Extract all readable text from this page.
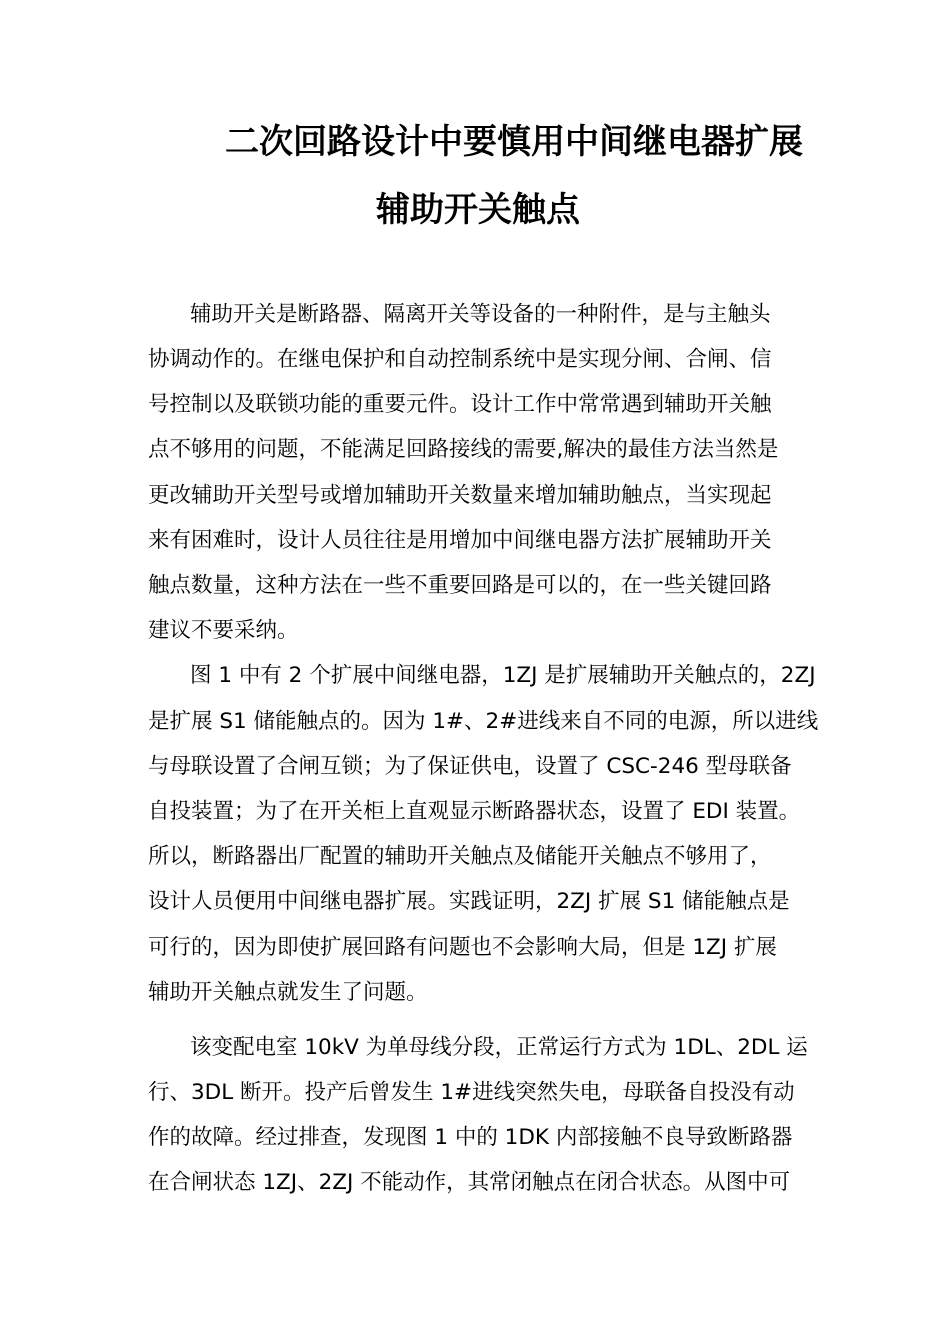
二次回路设计中要慎用中间继电器扩展
辅助开关触点

辅助开关是断路器、隔离开关等设备的一种附件，是与主触头

协调动作的。在继电保护和自动控制系统中是实现分闸、合闸、信

号控制以及联锁功能的重要元件。设计工作中常常遇到辅助开关触

点不够用的问题，不能满足回路接线的需要,解决的最佳方法当然是

更改辅助开关型号或增加辅助开关数量来增加辅助触点，当实现起

来有困难时，设计人员往往是用增加中间继电器方法扩展辅助开关

触点数量，这种方法在一些不重要回路是可以的，在一些关键回路

建议不要采纳。

图 1 中有 2 个扩展中间继电器，1ZJ 是扩展辅助开关触点的，2ZJ

是扩展 S1 储能触点的。因为 1#、2#进线来自不同的电源，所以进线

与母联设置了合闸互锁；为了保证供电，设置了 CSC-246 型母联备

自投装置；为了在开关柜上直观显示断路器状态，设置了 EDI 装置。

所以，断路器出厂配置的辅助开关触点及储能开关触点不够用了，

设计人员便用中间继电器扩展。实践证明，2ZJ 扩展 S1 储能触点是

可行的，因为即使扩展回路有问题也不会影响大局，但是 1ZJ 扩展

辅助开关触点就发生了问题。

该变配电室 10kV 为单母线分段，正常运行方式为 1DL、2DL 运

行、3DL 断开。投产后曾发生 1#进线突然失电，母联备自投没有动

作的故障。经过排查，发现图 1 中的 1DK 内部接触不良导致断路器

在合闸状态 1ZJ、2ZJ 不能动作，其常闭触点在闭合状态。从图中可
